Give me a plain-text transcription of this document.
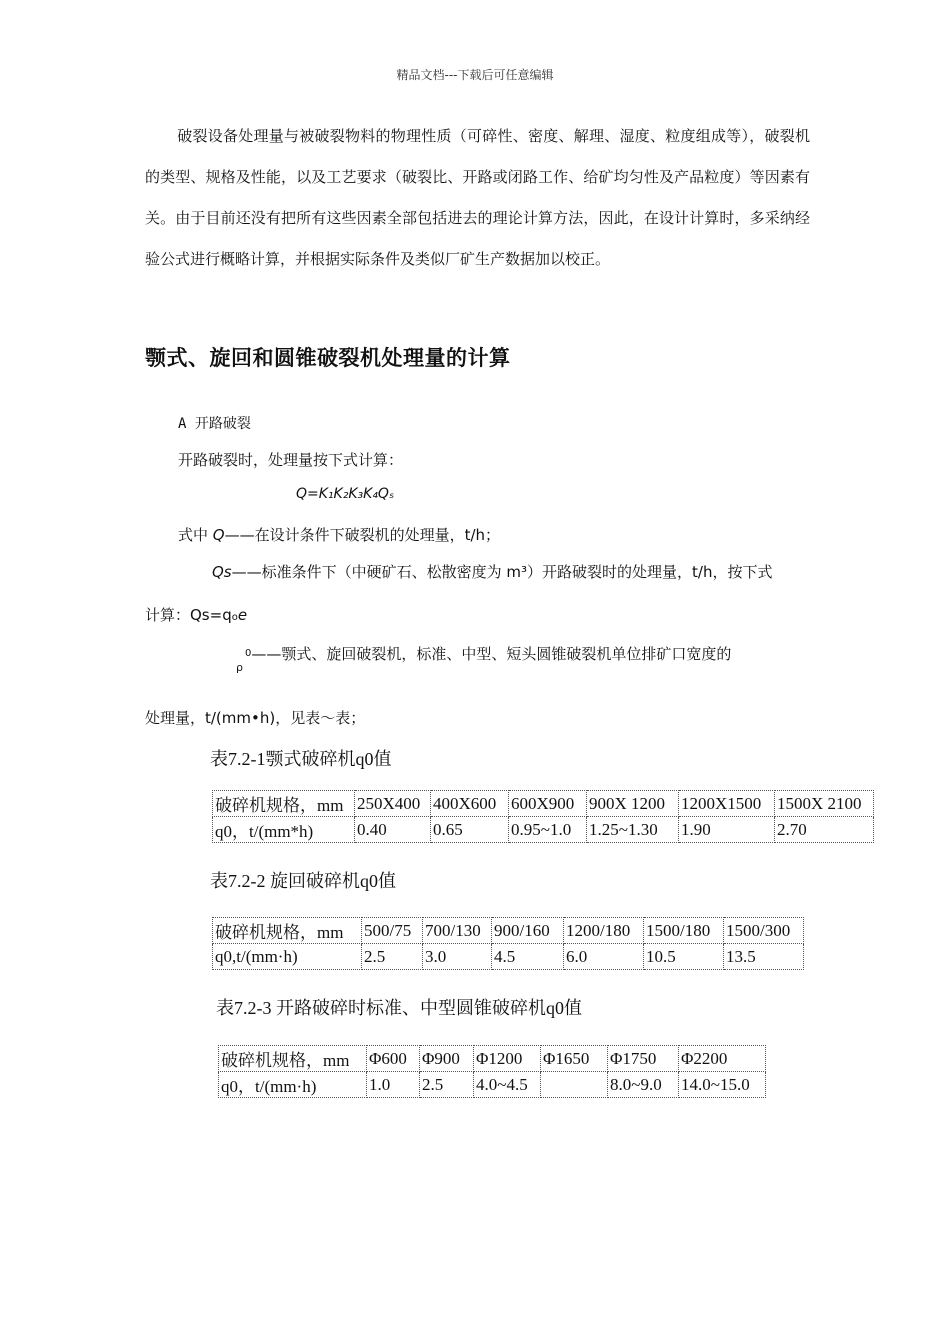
精品文档---下载后可任意编辑
破裂设备处理量与被破裂物料的物理性质（可碎性、密度、解理、湿度、粒度组成等），破裂机的类型、规格及性能，以及工艺要求（破裂比、开路或闭路工作、给矿均匀性及产品粒度）等因素有关。由于目前还没有把所有这些因素全部包括进去的理论计算方法，因此，在设计计算时，多采纳经验公式进行概略计算，并根据实际条件及类似厂矿生产数据加以校正。
颚式、旋回和圆锥破裂机处理量的计算
A 开路破裂
开路破裂时，处理量按下式计算：
Q=K₁K₂K₃K₄Qₛ
式中 Q——在设计条件下破裂机的处理量，t/h；
Qs——标准条件下（中硬矿石、松散密度为 m³）开路破裂时的处理量，t/h，按下式
计算：Qs=qoe
$_\rho^0$——颚式、旋回破裂机，标准、中型、短头圆锥破裂机单位排矿口宽度的
处理量，t/(mm•h)，见表～表；
表7.2-1颚式破碎机q0值
破碎机规格，mm	250X400	400X600	600X900	900X 1200	1200X1500	1500X 2100
q0，t/(mm*h)	0.40	0.65	0.95~1.0	1.25~1.30	1.90	2.70
表7.2-2 旋回破碎机q0值
破碎机规格，mm	500/75	700/130	900/160	1200/180	1500/180	1500/300
q0,t/(mm·h)	2.5	3.0	4.5	6.0	10.5	13.5
表7.2-3 开路破碎时标准、中型圆锥破碎机q0值
破碎机规格，mm	Φ600	Φ900	Φ1200	Φ1650	Φ1750	Φ2200
q0，t/(mm·h)	1.0	2.5	4.0~4.5		8.0~9.0	14.0~15.0
